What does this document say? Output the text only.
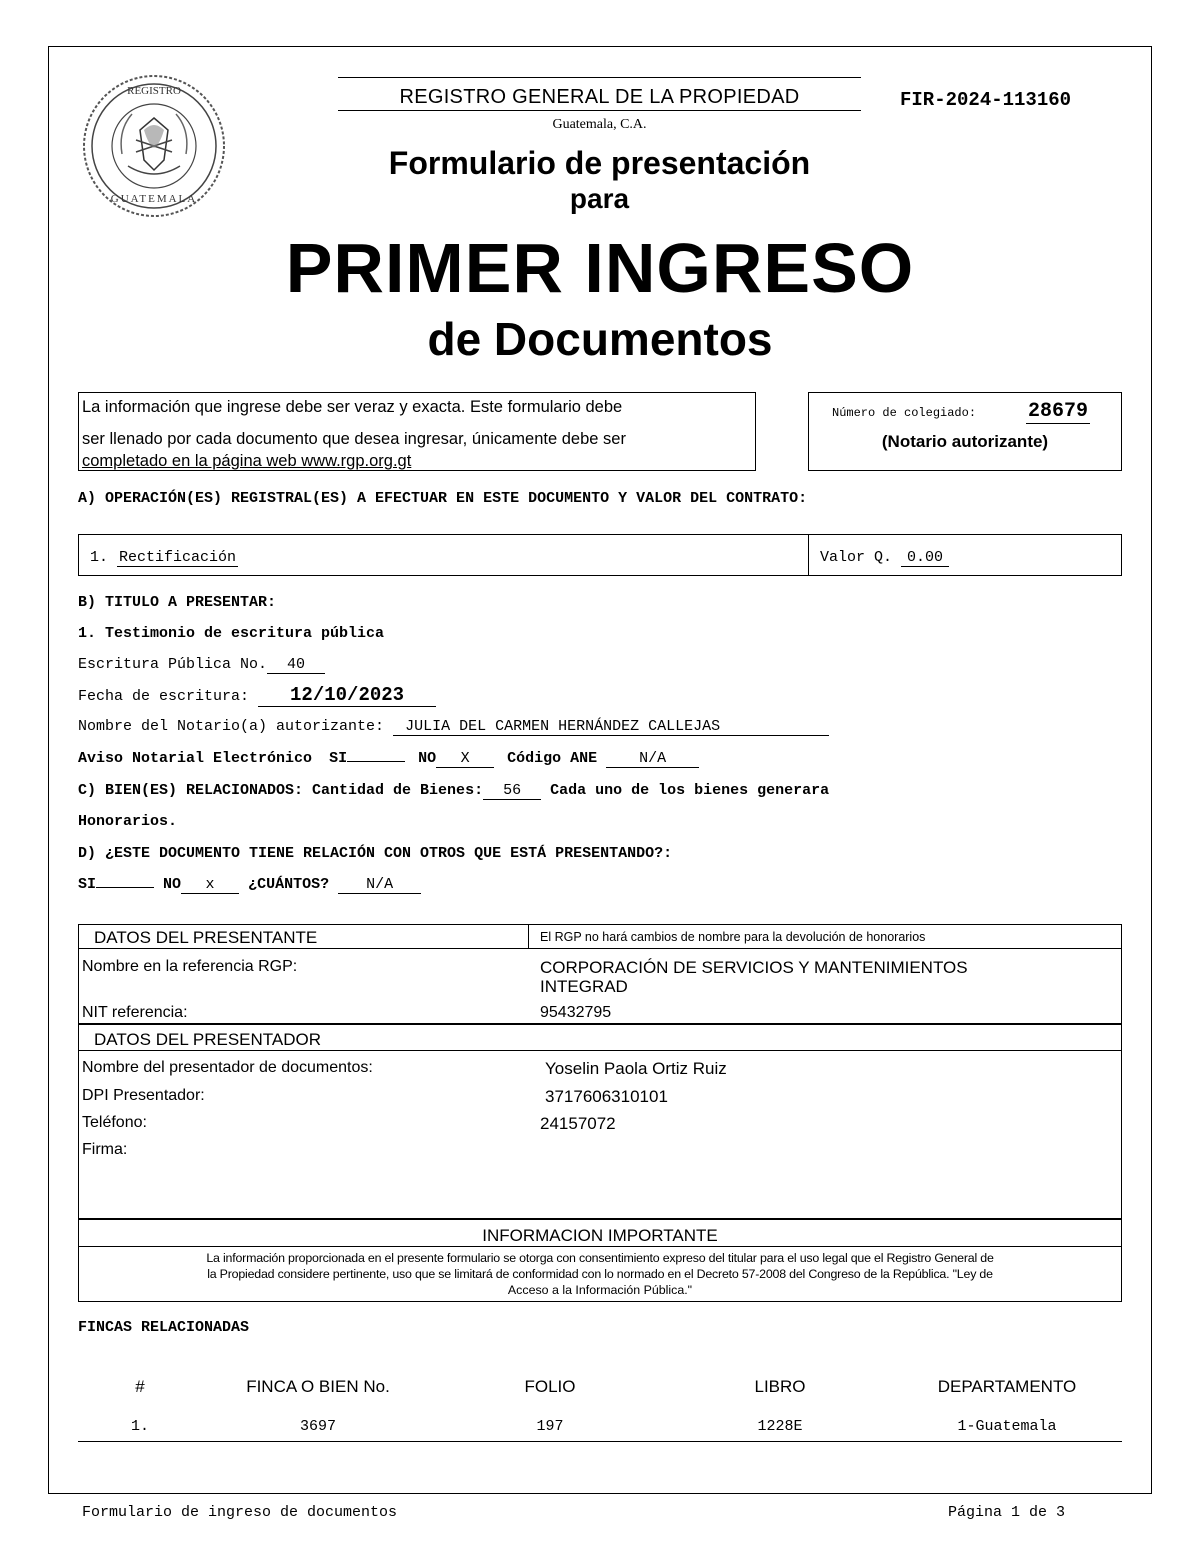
REGISTRO
GUATEMALA
REGISTRO GENERAL DE LA PROPIEDAD
Guatemala, C.A.
FIR-2024-113160
Formulario de presentación
para
PRIMER INGRESO
de Documentos
La información que ingrese debe ser veraz y exacta. Este formulario debe
ser llenado por cada documento que desea ingresar, únicamente debe ser
completado en la página web www.rgp.org.gt
Número de colegiado:	28679
(Notario autorizante)
A) OPERACIÓN(ES) REGISTRAL(ES) A EFECTUAR EN ESTE DOCUMENTO Y VALOR DEL CONTRATO:
1. Rectificación	Valor Q. 0.00
B) TITULO A PRESENTAR:
1. Testimonio de escritura pública
Escritura Pública No. 40
Fecha de escritura: 12/10/2023
Nombre del Notario(a) autorizante: JULIA DEL CARMEN HERNÁNDEZ CALLEJAS
Aviso Notarial Electrónico SI	NO X	Código ANE	N/A
C) BIEN(ES) RELACIONADOS: Cantidad de Bienes: 56 Cada uno de los bienes generara
Honorarios.
D) ¿ESTE DOCUMENTO TIENE RELACIÓN CON OTROS QUE ESTÁ PRESENTANDO?:
SI	NO x ¿CUÁNTOS? N/A
DATOS DEL PRESENTANTE	El RGP no hará cambios de nombre para la devolución de honorarios
Nombre en la referencia RGP:	CORPORACIÓN DE SERVICIOS Y MANTENIMIENTOS
INTEGRAD
NIT referencia:	95432795
DATOS DEL PRESENTADOR
Nombre del presentador de documentos:	Yoselin Paola Ortiz Ruiz
DPI Presentador:	3717606310101
Teléfono:	24157072
Firma:
INFORMACION IMPORTANTE
La información proporcionada en el presente formulario se otorga con consentimiento expreso del titular para el uso legal que el Registro General de
la Propiedad considere pertinente, uso que se limitará de conformidad con lo normado en el Decreto 57-2008 del Congreso de la República. "Ley de
Acceso a la Información Pública."
FINCAS RELACIONADAS
#	FINCA O BIEN No.	FOLIO	LIBRO	DEPARTAMENTO
1.	3697	197	1228E	1-Guatemala
Formulario de ingreso de documentos	Página 1 de 3
